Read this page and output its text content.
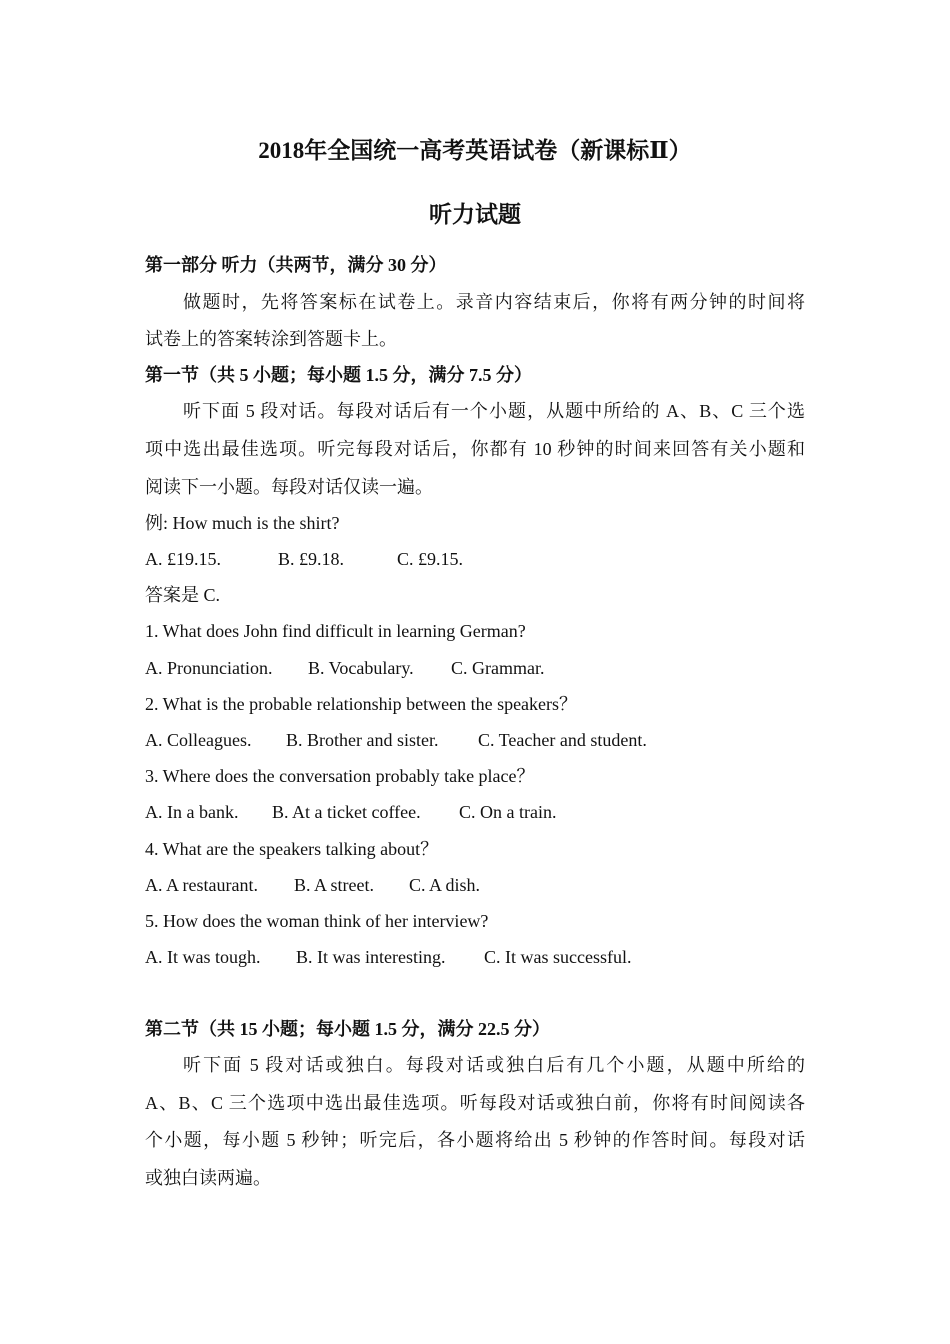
2018年全国统一高考英语试卷（新课标Ⅱ）
听力试题
第一部分 听力（共两节，满分 30 分）
做题时，先将答案标在试卷上。录音内容结束后，你将有两分钟的时间将
试卷上的答案转涂到答题卡上。
第一节（共 5 小题；每小题 1.5 分，满分 7.5 分）
听下面 5 段对话。每段对话后有一个小题，从题中所给的 A、B、C 三个选
项中选出最佳选项。听完每段对话后，你都有 10 秒钟的时间来回答有关小题和
阅读下一小题。每段对话仅读一遍。
例: How much is the shirt?
A. £19.15.	B. £9.18.	C. £9.15.
答案是 C.
1. What does John find difficult in learning German?
A. Pronunciation. B. Vocabulary. C. Grammar.
2. What is the probable relationship between the speakers？
A. Colleagues. B. Brother and sister. C. Teacher and student.
3. Where does the conversation probably take place？
A. In a bank. B. At a ticket coffee. C. On a train.
4. What are the speakers talking about？
A. A restaurant. B. A street. C. A dish.
5. How does the woman think of her interview?
A. It was tough. B. It was interesting. C. It was successful.
第二节（共 15 小题；每小题 1.5 分，满分 22.5 分）
听下面 5 段对话或独白。每段对话或独白后有几个小题，从题中所给的
A、B、C 三个选项中选出最佳选项。听每段对话或独白前，你将有时间阅读各
个小题，每小题 5 秒钟；听完后，各小题将给出 5 秒钟的作答时间。每段对话
或独白读两遍。
